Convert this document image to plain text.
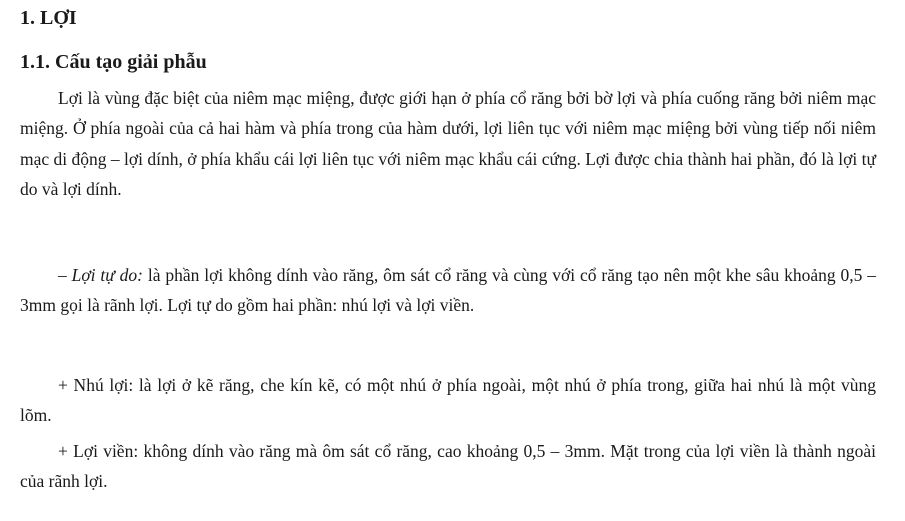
1. LỢI
1.1. Cấu tạo giải phẫu

Lợi là vùng đặc biệt của niêm mạc miệng, được giới hạn ở phía cổ răng bởi bờ lợi và phía cuống răng bởi niêm mạc miệng. Ở phía ngoài của cả hai hàm và phía trong của hàm dưới, lợi liên tục với niêm mạc miệng bởi vùng tiếp nối niêm mạc di động – lợi dính, ở phía khẩu cái lợi liên tục với niêm mạc khẩu cái cứng. Lợi được chia thành hai phần, đó là lợi tự do và lợi dính.

– Lợi tự do: là phần lợi không dính vào răng, ôm sát cổ răng và cùng với cổ răng tạo nên một khe sâu khoảng 0,5 – 3mm gọi là rãnh lợi. Lợi tự do gồm hai phần: nhú lợi và lợi viền.

+ Nhú lợi: là lợi ở kẽ răng, che kín kẽ, có một nhú ở phía ngoài, một nhú ở phía trong, giữa hai nhú là một vùng lõm.

+ Lợi viền: không dính vào răng mà ôm sát cổ răng, cao khoảng 0,5 – 3mm. Mặt trong của lợi viền là thành ngoài của rãnh lợi.
